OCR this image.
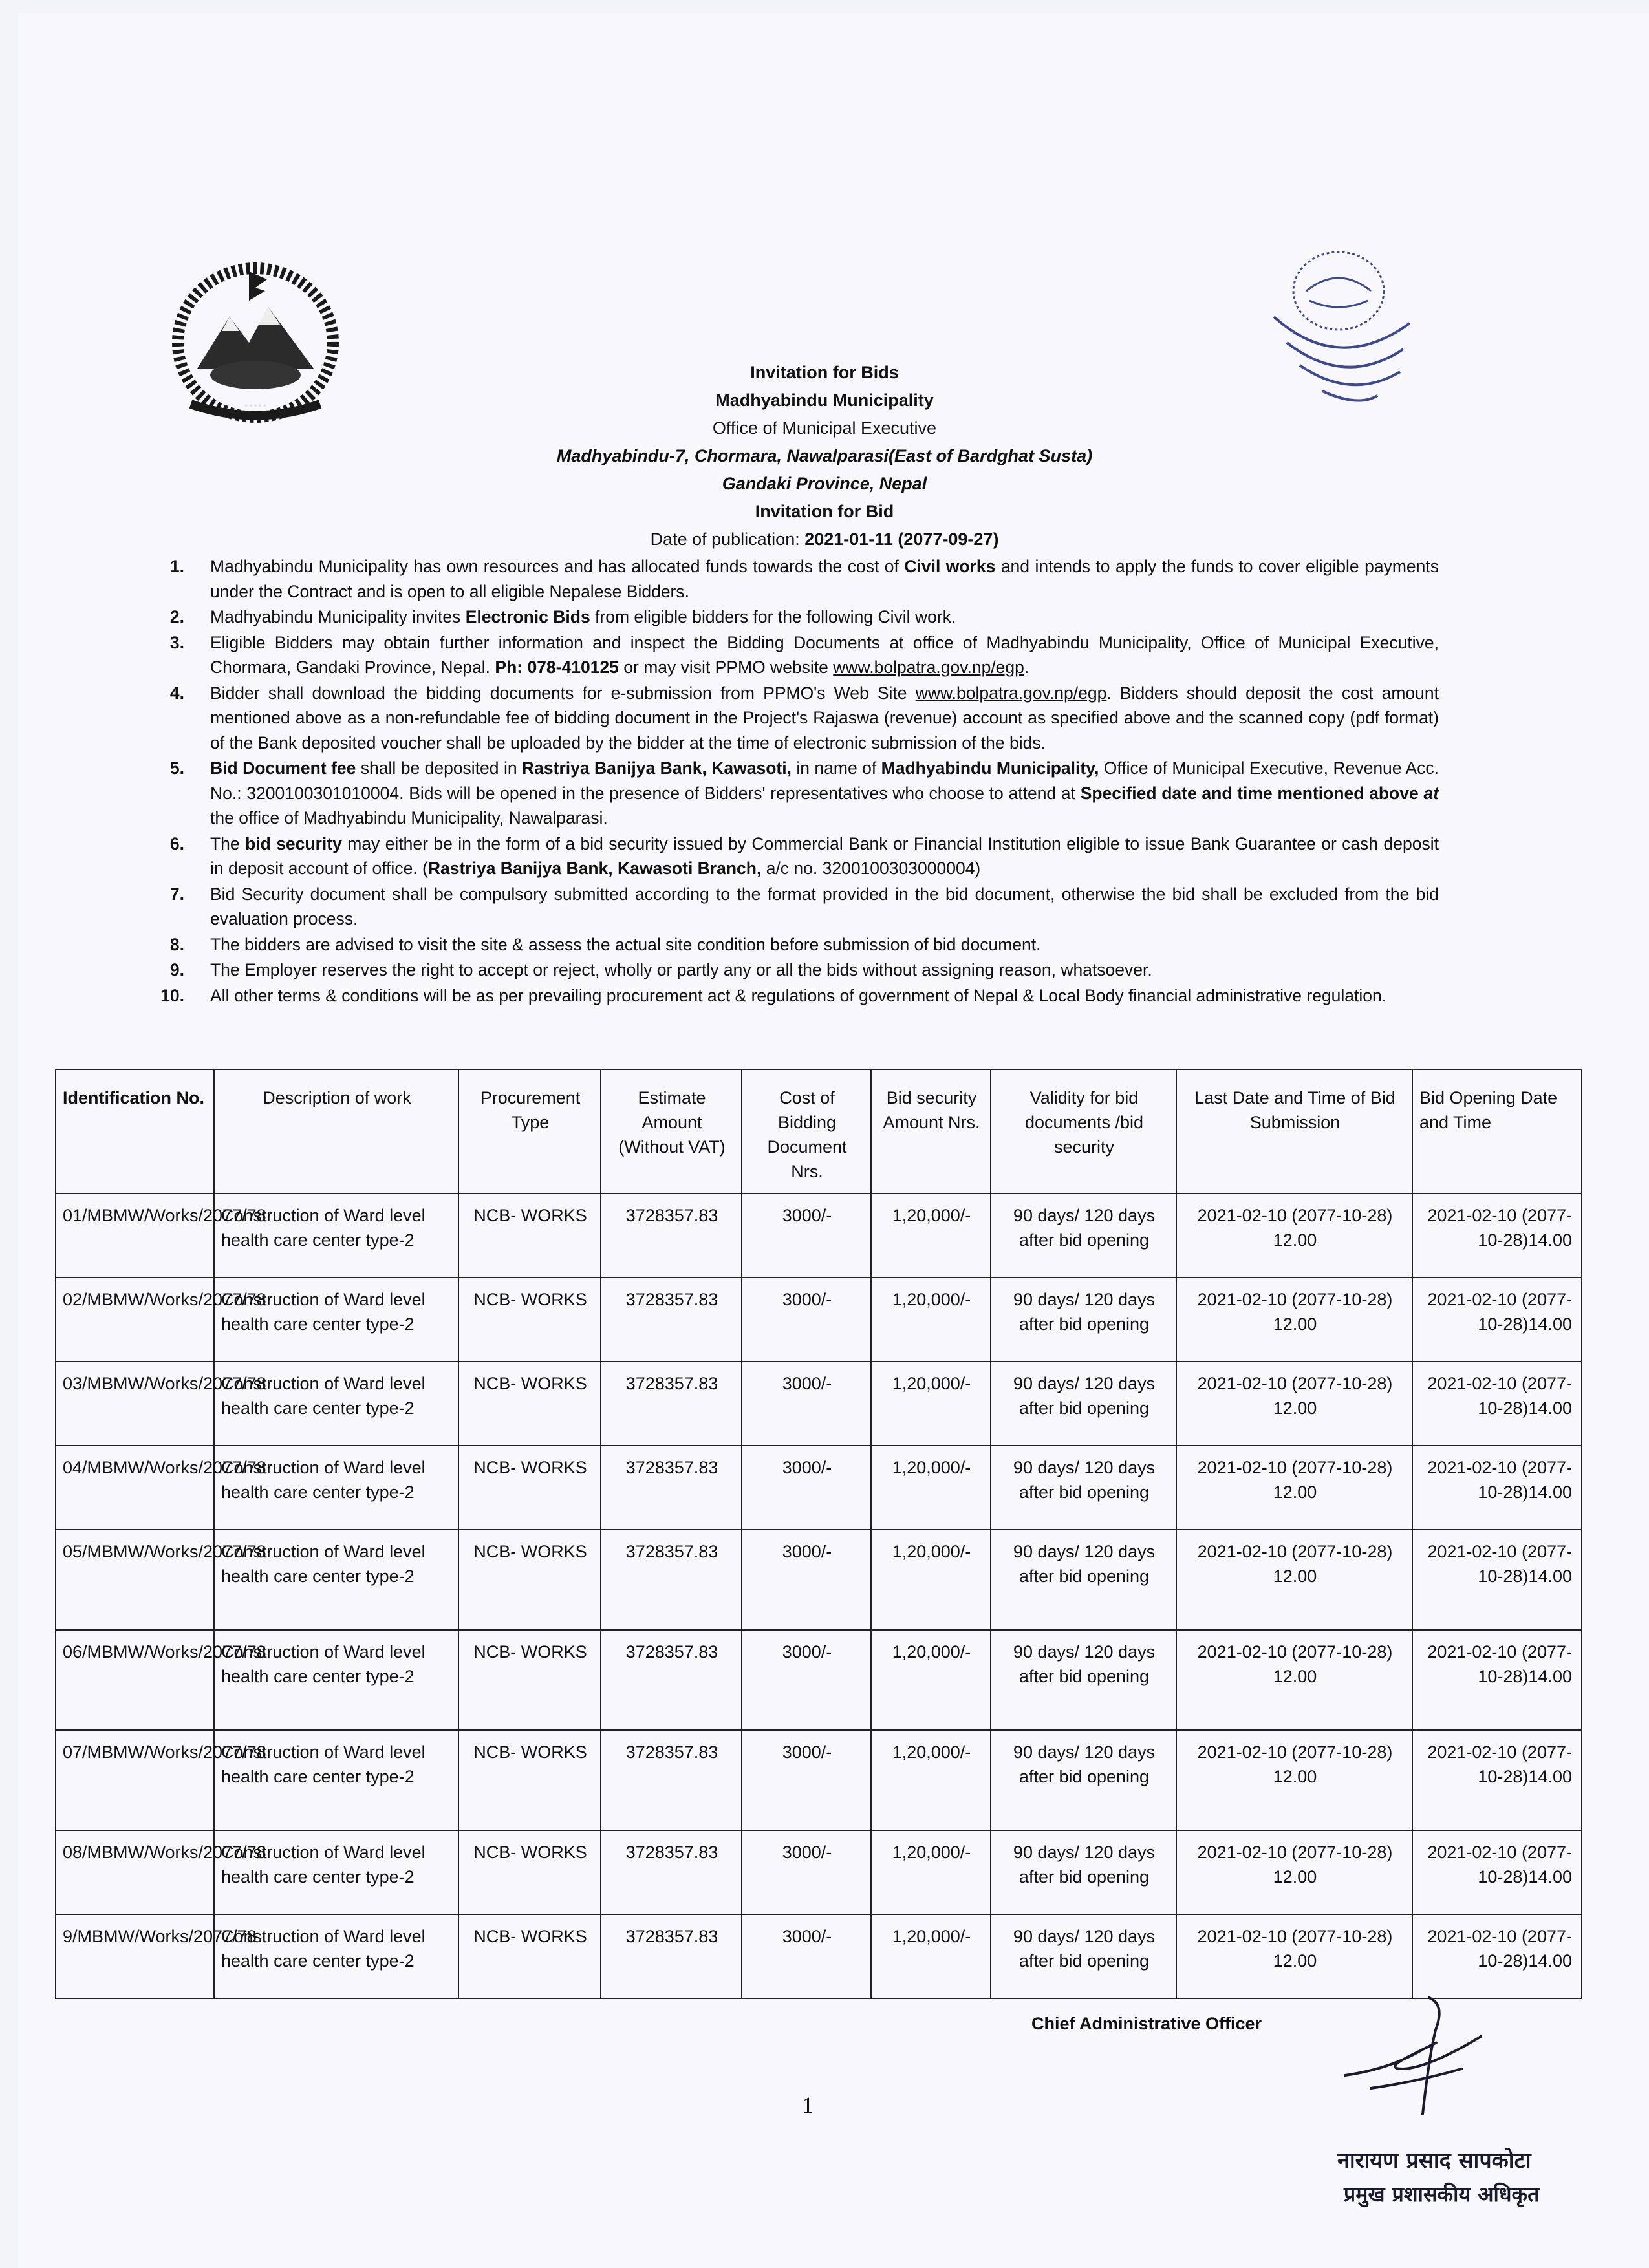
•••••
Invitation for Bids
Madhyabindu Municipality
Office of Municipal Executive
Madhyabindu-7, Chormara, Nawalparasi(East of Bardghat Susta)
Gandaki Province, Nepal
Invitation for Bid
Date of publication: 2021-01-11 (2077-09-27)
1. Madhyabindu Municipality has own resources and has allocated funds towards the cost of Civil works and intends to apply the funds to cover eligible payments under the Contract and is open to all eligible Nepalese Bidders.
2. Madhyabindu Municipality invites Electronic Bids from eligible bidders for the following Civil work.
3. Eligible Bidders may obtain further information and inspect the Bidding Documents at office of Madhyabindu Municipality, Office of Municipal Executive, Chormara, Gandaki Province, Nepal. Ph: 078-410125 or may visit PPMO website www.bolpatra.gov.np/egp.
4. Bidder shall download the bidding documents for e-submission from PPMO's Web Site www.bolpatra.gov.np/egp. Bidders should deposit the cost amount mentioned above as a non-refundable fee of bidding document in the Project's Rajaswa (revenue) account as specified above and the scanned copy (pdf format) of the Bank deposited voucher shall be uploaded by the bidder at the time of electronic submission of the bids.
5. Bid Document fee shall be deposited in Rastriya Banijya Bank, Kawasoti, in name of Madhyabindu Municipality, Office of Municipal Executive, Revenue Acc. No.: 3200100301010004. Bids will be opened in the presence of Bidders' representatives who choose to attend at Specified date and time mentioned above at the office of Madhyabindu Municipality, Nawalparasi.
6. The bid security may either be in the form of a bid security issued by Commercial Bank or Financial Institution eligible to issue Bank Guarantee or cash deposit in deposit account of office. (Rastriya Banijya Bank, Kawasoti Branch, a/c no. 3200100303000004)
7. Bid Security document shall be compulsory submitted according to the format provided in the bid document, otherwise the bid shall be excluded from the bid evaluation process.
8. The bidders are advised to visit the site & assess the actual site condition before submission of bid document.
9. The Employer reserves the right to accept or reject, wholly or partly any or all the bids without assigning reason, whatsoever.
10. All other terms & conditions will be as per prevailing procurement act & regulations of government of Nepal & Local Body financial administrative regulation.
Identification No.	Description of work	Procurement Type	Estimate Amount (Without VAT)	Cost of Bidding Document Nrs.	Bid security Amount Nrs.	Validity for bid documents /bid security	Last Date and Time of Bid Submission	Bid Opening Date and Time
01/MBMW/Works/2077/78	Construction of Ward level health care center type-2	NCB- WORKS	3728357.83	3000/-	1,20,000/-	90 days/ 120 days after bid opening	2021-02-10 (2077-10-28) 12.00	2021-02-10 (2077-10-28)14.00
02/MBMW/Works/2077/78	Construction of Ward level health care center type-2	NCB- WORKS	3728357.83	3000/-	1,20,000/-	90 days/ 120 days after bid opening	2021-02-10 (2077-10-28) 12.00	2021-02-10 (2077-10-28)14.00
03/MBMW/Works/2077/78	Construction of Ward level health care center type-2	NCB- WORKS	3728357.83	3000/-	1,20,000/-	90 days/ 120 days after bid opening	2021-02-10 (2077-10-28) 12.00	2021-02-10 (2077-10-28)14.00
04/MBMW/Works/2077/78	Construction of Ward level health care center type-2	NCB- WORKS	3728357.83	3000/-	1,20,000/-	90 days/ 120 days after bid opening	2021-02-10 (2077-10-28) 12.00	2021-02-10 (2077-10-28)14.00
05/MBMW/Works/2077/78	Construction of Ward level health care center type-2	NCB- WORKS	3728357.83	3000/-	1,20,000/-	90 days/ 120 days after bid opening	2021-02-10 (2077-10-28) 12.00	2021-02-10 (2077-10-28)14.00
06/MBMW/Works/2077/78	Construction of Ward level health care center type-2	NCB- WORKS	3728357.83	3000/-	1,20,000/-	90 days/ 120 days after bid opening	2021-02-10 (2077-10-28) 12.00	2021-02-10 (2077-10-28)14.00
07/MBMW/Works/2077/78	Construction of Ward level health care center type-2	NCB- WORKS	3728357.83	3000/-	1,20,000/-	90 days/ 120 days after bid opening	2021-02-10 (2077-10-28) 12.00	2021-02-10 (2077-10-28)14.00
08/MBMW/Works/2077/78	Construction of Ward level health care center type-2	NCB- WORKS	3728357.83	3000/-	1,20,000/-	90 days/ 120 days after bid opening	2021-02-10 (2077-10-28) 12.00	2021-02-10 (2077-10-28)14.00
9/MBMW/Works/2077/78	Construction of Ward level health care center type-2	NCB- WORKS	3728357.83	3000/-	1,20,000/-	90 days/ 120 days after bid opening	2021-02-10 (2077-10-28) 12.00	2021-02-10 (2077-10-28)14.00
Chief Administrative Officer
1
नारायण प्रसाद सापकोटा
प्रमुख प्रशासकीय अधिकृत
